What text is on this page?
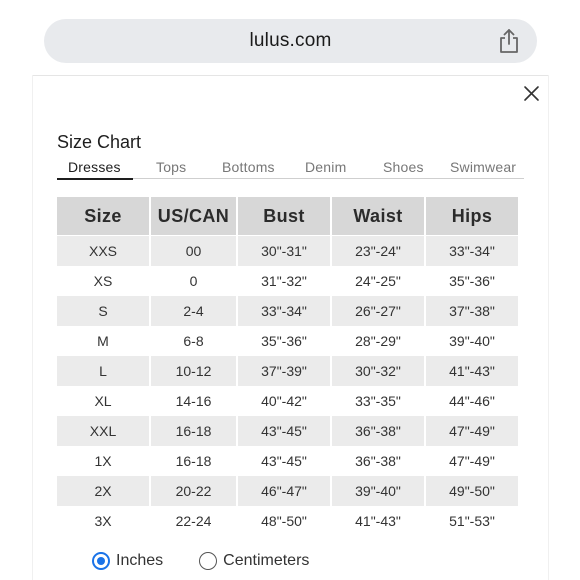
lulus.com
Size Chart
Dresses	Tops	Bottoms Denim	Shoes Swimwear
Size	US/CAN	Bust	Waist	Hips
XXS	00	30"-31"	23"-24"	33"-34"
XS	0	31"-32"	24"-25"	35"-36"
S	2-4	33"-34"	26"-27"	37"-38"
M	6-8	35"-36"	28"-29"	39"-40"
L	10-12	37"-39"	30"-32"	41"-43"
XL	14-16	40"-42"	33"-35"	44"-46"
XXL	16-18	43"-45"	36"-38"	47"-49"
1X	16-18	43"-45"	36"-38"	47"-49"
2X	20-22	46"-47"	39"-40"	49"-50"
3X	22-24	48"-50"	41"-43"	51"-53"
Inches	Centimeters
